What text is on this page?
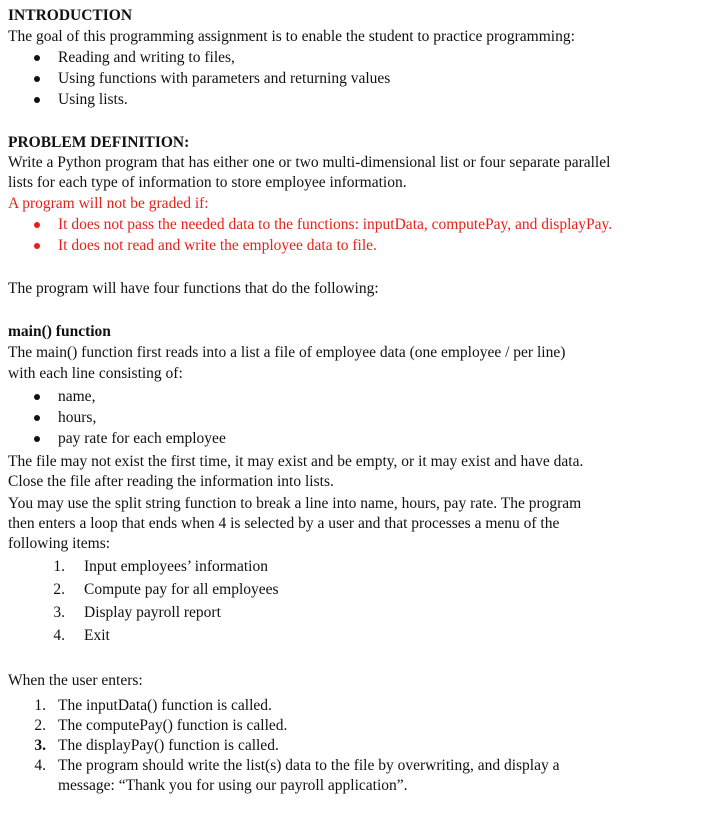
INTRODUCTION
The goal of this programming assignment is to enable the student to practice programming:
Reading and writing to files,
Using functions with parameters and returning values
Using lists.
PROBLEM DEFINITION:
Write a Python program that has either one or two multi-dimensional list or four separate parallel
lists for each type of information to store employee information.
A program will not be graded if:
It does not pass the needed data to the functions: inputData, computePay, and displayPay.
It does not read and write the employee data to file.
The program will have four functions that do the following:
main() function
The main() function first reads into a list a file of employee data (one employee / per line)
with each line consisting of:
name,
hours,
pay rate for each employee
The file may not exist the first time, it may exist and be empty, or it may exist and have data.
Close the file after reading the information into lists.
You may use the split string function to break a line into name, hours, pay rate. The program
then enters a loop that ends when 4 is selected by a user and that processes a menu of the
following items:
1. Input employees’ information
2. Compute pay for all employees
3. Display payroll report
4. Exit
When the user enters:
1. The inputData() function is called.
2. The computePay() function is called.
3. The displayPay() function is called.
4. The program should write the list(s) data to the file by overwriting, and display a
message: “Thank you for using our payroll application”.
